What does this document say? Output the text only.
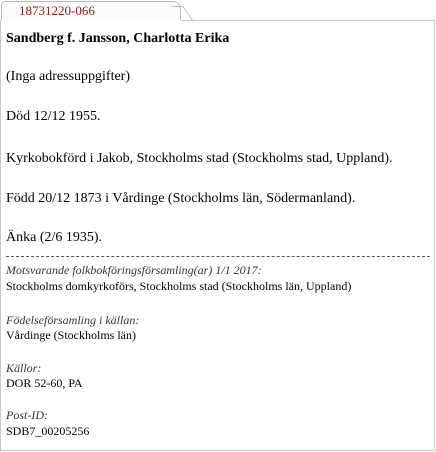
18731220-066
Sandberg f. Jansson, Charlotta Erika
(Inga adressuppgifter)
Död 12/12 1955.
Kyrkobokförd i Jakob, Stockholms stad (Stockholms stad, Uppland).
Född 20/12 1873 i Vårdinge (Stockholms län, Södermanland).
Änka (2/6 1935).
Motsvarande folkbokföringsförsamling(ar) 1/1 2017:
Stockholms domkyrkoförs, Stockholms stad (Stockholms län, Uppland)
Födelseförsamling i källan:
Vårdinge (Stockholms län)
Källor:
DOR 52-60, PA
Post-ID:
SDB7_00205256
